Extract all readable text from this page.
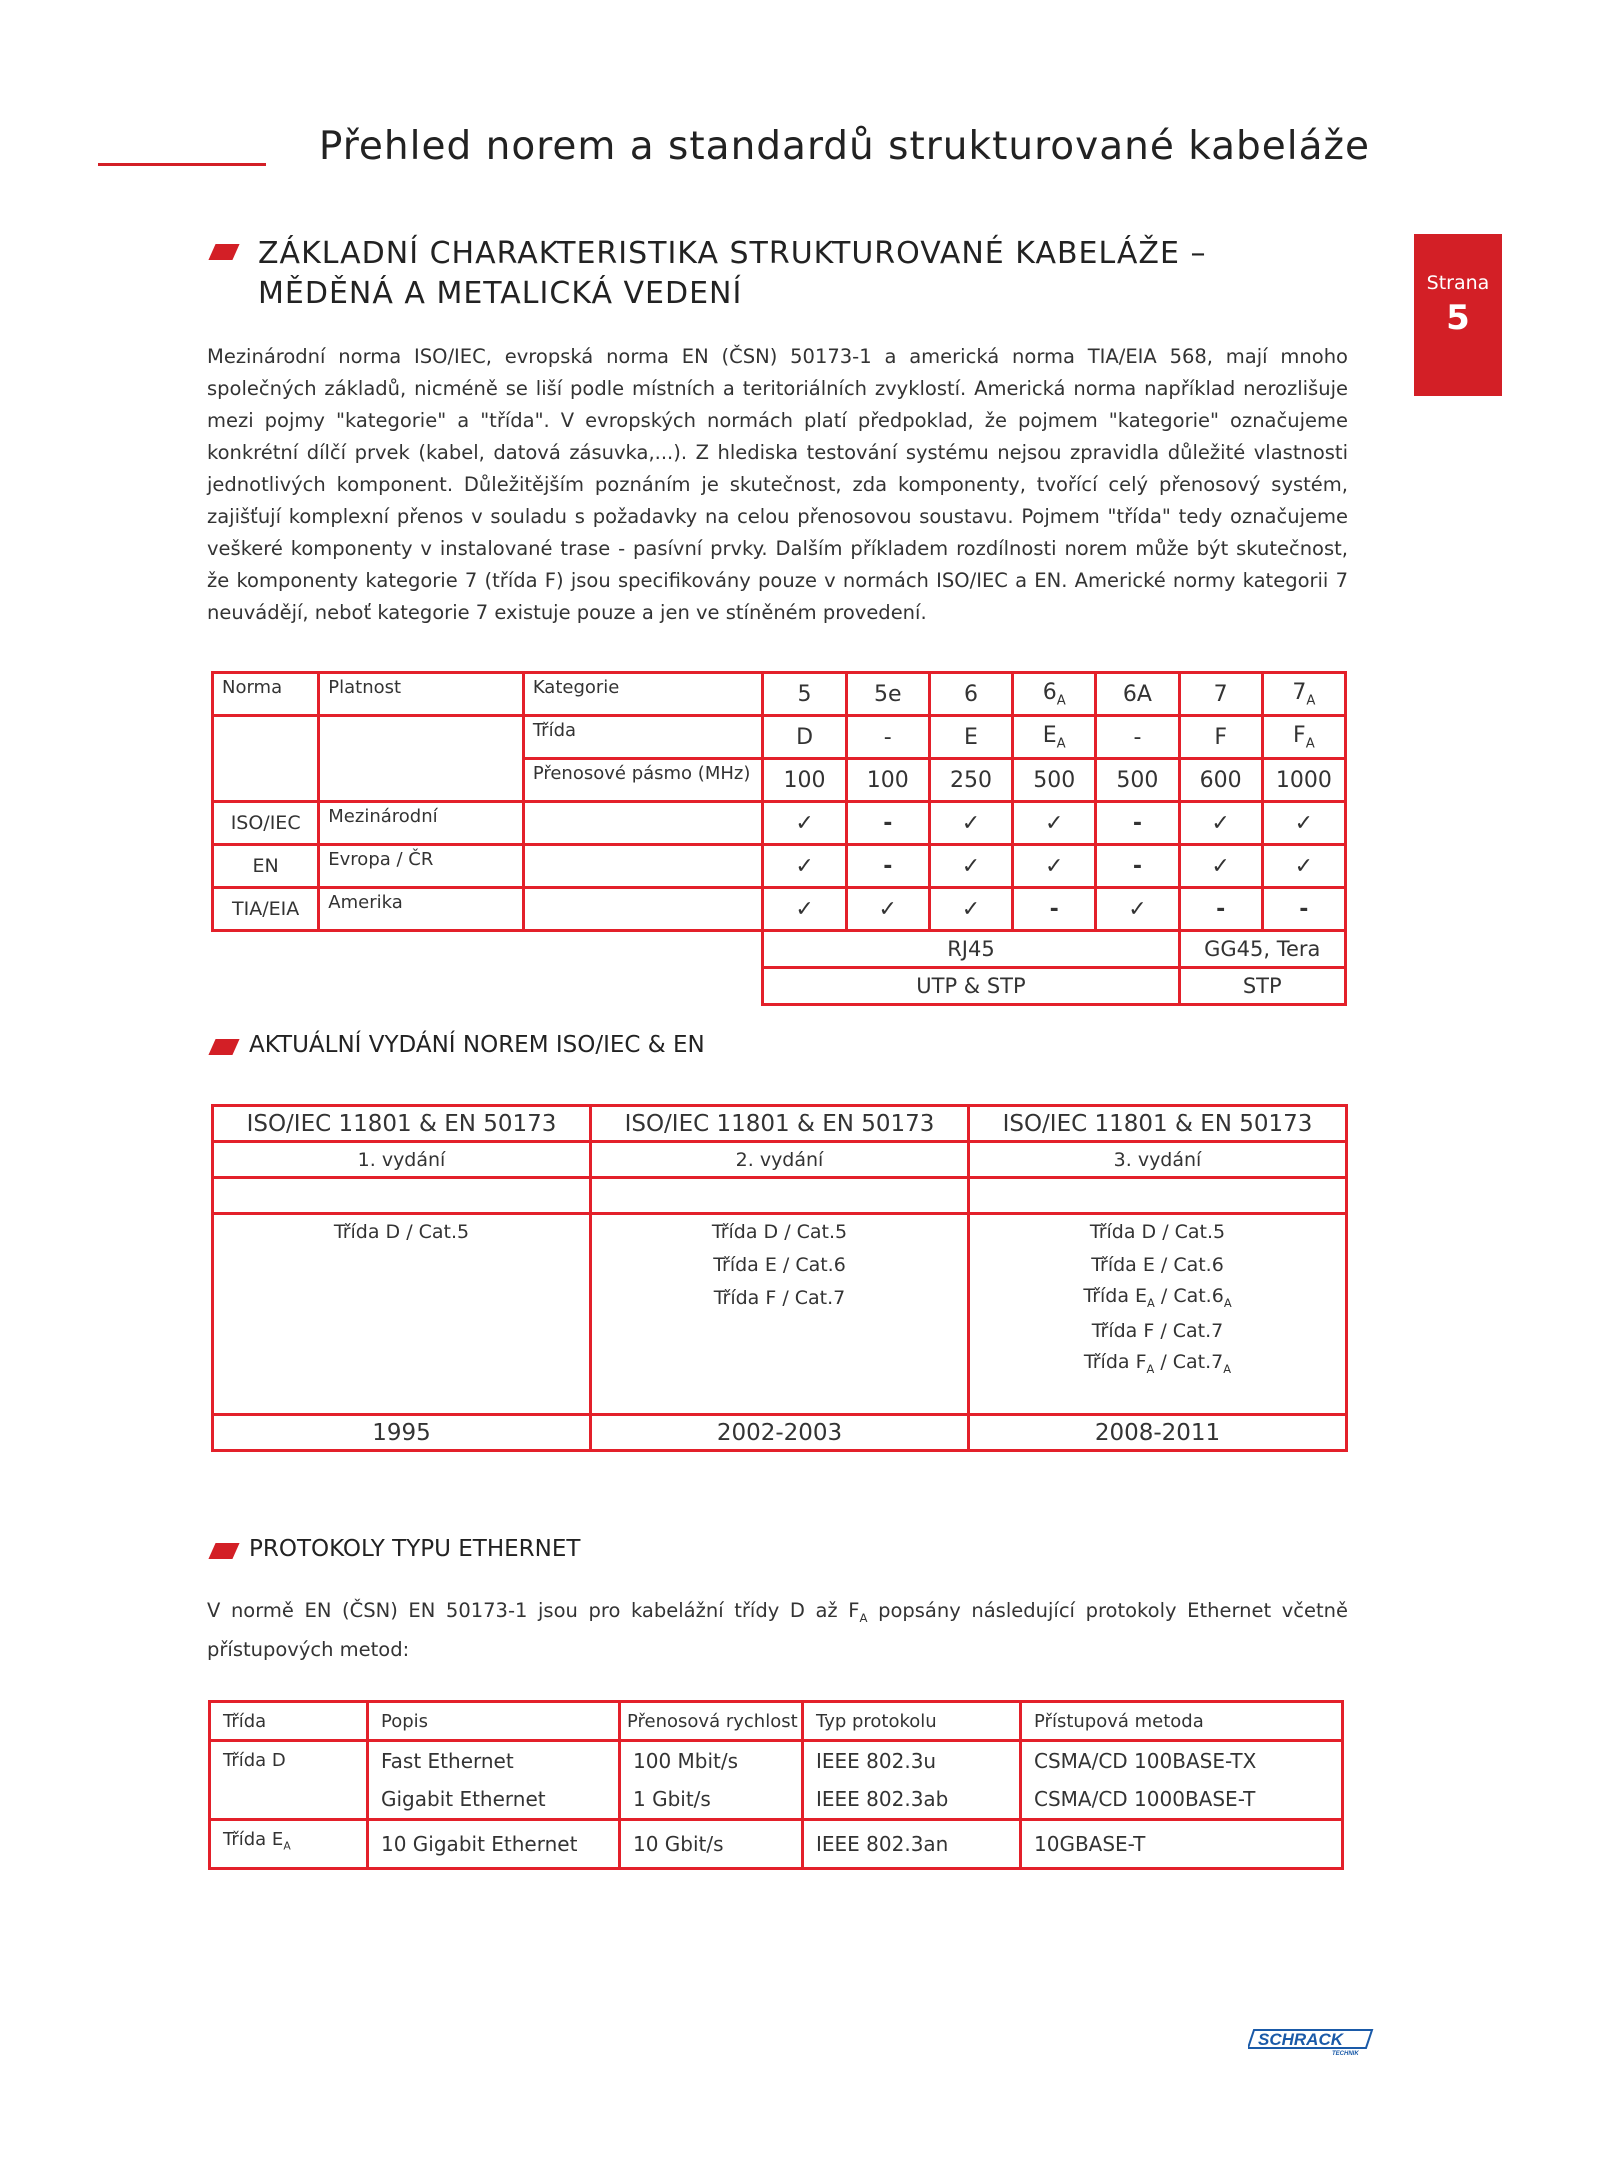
Přehled norem a standardů strukturované kabeláže
Strana
5
ZÁKLADNÍ CHARAKTERISTIKA STRUKTUROVANÉ KABELÁŽE –
MĚDĚNÁ A METALICKÁ VEDENÍ

Mezinárodní norma ISO/IEC, evropská norma EN (ČSN) 50173-1 a americká norma TIA/EIA 568, mají mnoho společných základů, nicméně se liší podle místních a teritoriálních zvyklostí. Americká norma například nerozlišuje mezi pojmy "kategorie" a "třída". V evropských normách platí předpoklad, že pojmem "kategorie" označujeme konkrétní dílčí prvek (kabel, datová zásuvka,...). Z hlediska testování systému nejsou zpravidla důležité vlastnosti jednotlivých komponent. Důležitějším poznáním je skutečnost, zda komponenty, tvořící celý přenosový systém, zajišťují komplexní přenos v souladu s požadavky na celou přenosovou soustavu. Pojmem "třída" tedy označujeme veškeré komponenty v instalované trase - pasívní prvky. Dalším příkladem rozdílnosti norem může být skutečnost, že komponenty kategorie 7 (třída F) jsou specifikovány pouze v normách ISO/IEC a EN. Americké normy kategorii 7 neuvádějí, neboť kategorie 7 existuje pouze a jen ve stíněném provedení.

Norma	Platnost	Kategorie	5	5e	6	$6_A$	6A	7	$7_A$
		Třída	D	-	E	$E_A$	-	F	$F_A$
		Přenosové pásmo (MHz)	100	100	250	500	500	600	1000
ISO/IEC	Mezinárodní		✓	-	✓	✓	-	✓	✓
EN	Evropa / ČR		✓	-	✓	✓	-	✓	✓
TIA/EIA	Amerika		✓	✓	✓	-	✓	-	-
			RJ45					GG45, Tera	
			UTP & STP					STP	
AKTUÁLNÍ VYDÁNÍ NOREM ISO/IEC & EN
ISO/IEC 11801 & EN 50173	ISO/IEC 11801 & EN 50173	ISO/IEC 11801 & EN 50173
1. vydání	2. vydání	3. vydání

Třída D / Cat.5	Třída D / Cat.5	Třída D / Cat.5
	Třída E / Cat.6	Třída E / Cat.6
	Třída F / Cat.7	Třída $E_A / Cat.6_A$
		Třída F / Cat.7
		Třída $F_A / Cat.7_A$

1995	2002-2003	2008-2011
PROTOKOLY TYPU ETHERNET

V normě EN (ČSN) EN 50173-1 jsou pro kabelážní třídy D až $F_A$ popsány následující protokoly Ethernet včetně přístupových metod:

Třída	Popis	Přenosová rychlost	Typ protokolu	Přístupová metoda
Třída D	Fast Ethernet	100 Mbit/s	IEEE 802.3u	CSMA/CD 100BASE-TX
	Gigabit Ethernet	1 Gbit/s	IEEE 802.3ab	CSMA/CD 1000BASE-T
Třída $E_A$	10 Gigabit Ethernet	10 Gbit/s	IEEE 802.3an	10GBASE-T
SCHRACK
TECHNIK
